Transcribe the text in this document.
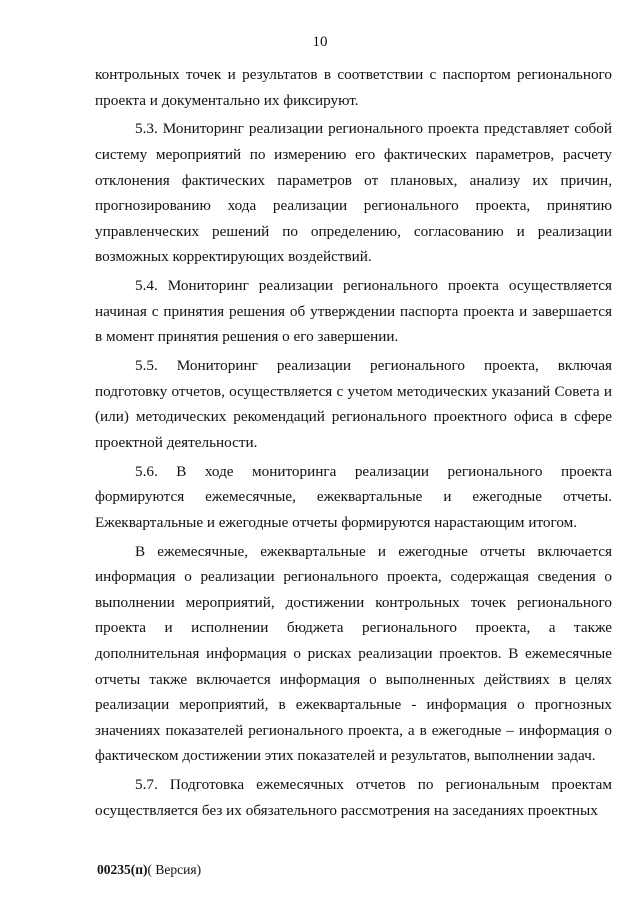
10

контрольных точек и результатов в соответствии с паспортом регионального проекта и документально их фиксируют.

5.3. Мониторинг реализации регионального проекта представляет собой систему мероприятий по измерению его фактических параметров, расчету отклонения фактических параметров от плановых, анализу их причин, прогнозированию хода реализации регионального проекта, принятию управленческих решений по определению, согласованию и реализации возможных корректирующих воздействий.

5.4. Мониторинг реализации регионального проекта осуществляется начиная с принятия решения об утверждении паспорта проекта и завершается в момент принятия решения о его завершении.

5.5. Мониторинг реализации регионального проекта, включая подготовку отчетов, осуществляется с учетом методических указаний Совета и (или) методических рекомендаций регионального проектного офиса в сфере проектной деятельности.

5.6. В ходе мониторинга реализации регионального проекта формируются ежемесячные, ежеквартальные и ежегодные отчеты. Ежеквартальные и ежегодные отчеты формируются нарастающим итогом.

В ежемесячные, ежеквартальные и ежегодные отчеты включается информация о реализации регионального проекта, содержащая сведения о выполнении мероприятий, достижении контрольных точек регионального проекта и исполнении бюджета регионального проекта, а также дополнительная информация о рисках реализации проектов. В ежемесячные отчеты также включается информация о выполненных действиях в целях реализации мероприятий, в ежеквартальные - информация о прогнозных значениях показателей регионального проекта, а в ежегодные – информация о фактическом достижении этих показателей и результатов, выполнении задач.

5.7. Подготовка ежемесячных отчетов по региональным проектам осуществляется без их обязательного рассмотрения на заседаниях проектных

00235(п)( Версия)
